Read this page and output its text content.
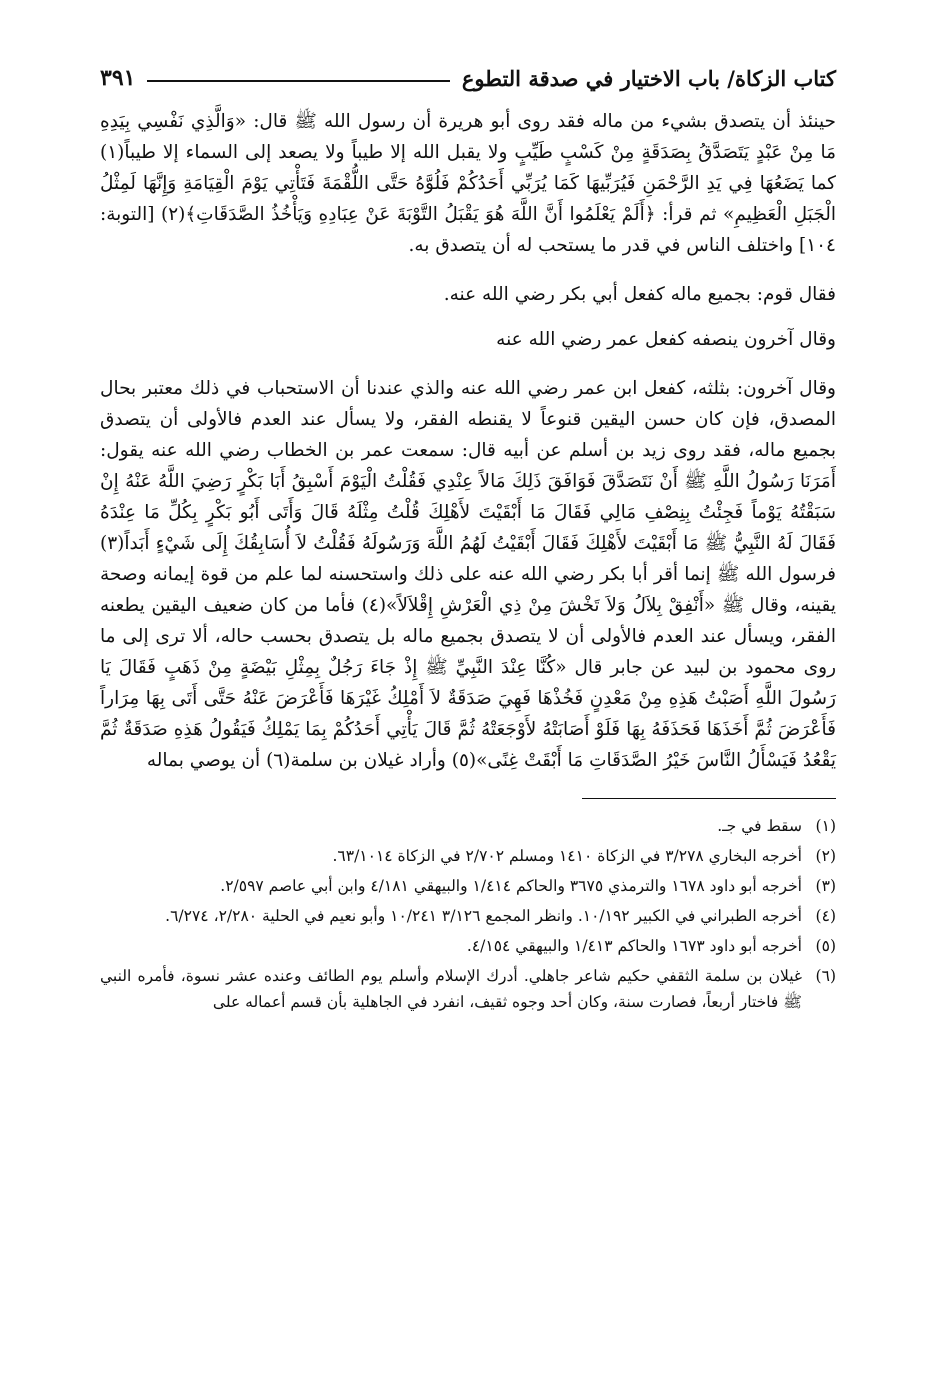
كتاب الزكاة/ باب الاختيار في صدقة التطوع
٣٩١

حينئذ أن يتصدق بشيء من ماله فقد روى أبو هريرة أن رسول الله ﷺ قال: «وَالَّذِي نَفْسِي بِيَدِهِ مَا مِنْ عَبْدٍ يَتَصَدَّقُ بِصَدَقَةٍ مِنْ كَسْبٍ طَيِّبٍ ولا يقبل الله إلا طيباً ولا يصعد إلى السماء إلا طيباً(١) كما يَضَعُهَا فِي يَدِ الرَّحْمَنِ فَيُرَبِّيهَا كَمَا يُرَبِّي أَحَدُكُمْ فَلُوَّهُ حَتَّى اللُّقْمَةَ فَتَأْتِي يَوْمَ الْقِيَامَةِ وَإِنَّهَا لَمِثْلُ الْجَبَلِ الْعَظِيمِ» ثم قرأ: ﴿أَلَمْ يَعْلَمُوا أَنَّ اللَّهَ هُوَ يَقْبَلُ التَّوْبَةَ عَنْ عِبَادِهِ وَيَأْخُذُ الصَّدَقَاتِ﴾(٢) [التوبة: ١٠٤] واختلف الناس في قدر ما يستحب له أن يتصدق به.

فقال قوم: بجميع ماله كفعل أبي بكر رضي الله عنه.

وقال آخرون ينصفه كفعل عمر رضي الله عنه

وقال آخرون: بثلثه، كفعل ابن عمر رضي الله عنه والذي عندنا أن الاستحباب في ذلك معتبر بحال المصدق، فإن كان حسن اليقين قنوعاً لا يقنطه الفقر، ولا يسأل عند العدم فالأولى أن يتصدق بجميع ماله، فقد روى زيد بن أسلم عن أبيه قال: سمعت عمر بن الخطاب رضي الله عنه يقول: أَمَرَنَا رَسُولُ اللَّهِ ﷺ أَنْ نَتَصَدَّقَ فَوَافَقَ ذَلِكَ مَالاً عِنْدِي فَقُلْتُ الْيَوْمَ أَسْبِقُ أَبَا بَكْرٍ رَضِيَ اللَّهُ عَنْهُ إِنْ سَبَقْتُهُ يَوْماً فَجِئْتُ بِنِصْفِ مَالِي فَقَالَ مَا أَبْقَيْتَ لأَهْلِكَ قُلْتُ مِثْلَهُ قَالَ وَأَتَى أَبُو بَكْرٍ بِكُلِّ مَا عِنْدَهُ فَقَالَ لَهُ النَّبِيُّ ﷺ مَا أَبْقَيْتَ لأَهْلِكَ فَقَالَ أَبْقَيْتُ لَهُمُ اللَّهَ وَرَسُولَهُ فَقُلْتُ لاَ أُسَابِقُكَ إِلَى شَيْءٍ أَبَداً(٣) فرسول الله ﷺ إنما أقر أبا بكر رضي الله عنه على ذلك واستحسنه لما علم من قوة إيمانه وصحة يقينه، وقال ﷺ «أَنْفِقْ بِلاَلُ وَلاَ تَخْشَ مِنْ ذِي الْعَرْشِ إِقْلاَلاً»(٤) فأما من كان ضعيف اليقين يطعنه الفقر، ويسأل عند العدم فالأولى أن لا يتصدق بجميع ماله بل يتصدق بحسب حاله، ألا ترى إلى ما روى محمود بن لبيد عن جابر قال «كُنَّا عِنْدَ النَّبِيِّ ﷺ إِذْ جَاءَ رَجُلٌ بِمِثْلِ بَيْضَةٍ مِنْ ذَهَبٍ فَقَالَ يَا رَسُولَ اللَّهِ أَصَبْتُ هَذِهِ مِنْ مَعْدِنٍ فَخُذْهَا فَهِيَ صَدَقَةٌ لاَ أَمْلِكُ غَيْرَهَا فَأَعْرَضَ عَنْهُ حَتَّى أَتَى بِهَا مِرَاراً فَأَعْرَضَ ثُمَّ أَخَذَهَا فَحَذَفَهُ بِهَا فَلَوْ أَصَابَتْهُ لأَوْجَعَتْهُ ثُمَّ قَالَ يَأْتِي أَحَدُكُمْ بِمَا يَمْلِكُ فَيَقُولُ هَذِهِ صَدَقَةٌ ثُمَّ يَقْعُدُ فَيَسْأَلُ النَّاسَ خَيْرُ الصَّدَقَاتِ مَا أَبْقَتْ غِنًى»(٥) وأراد غيلان بن سلمة(٦) أن يوصي بماله

(١)
سقط في جـ.
(٢)
أخرجه البخاري ٣/٢٧٨ في الزكاة ١٤١٠ ومسلم ٢/٧٠٢ في الزكاة ٦٣/١٠١٤.
(٣)
أخرجه أبو داود ١٦٧٨ والترمذي ٣٦٧٥ والحاكم ١/٤١٤ والبيهقي ٤/١٨١ وابن أبي عاصم ٢/٥٩٧.
(٤)
أخرجه الطبراني في الكبير ١٠/١٩٢. وانظر المجمع ٣/١٢٦ ١٠/٢٤١ وأبو نعيم في الحلية ٢/٢٨٠، ٦/٢٧٤.
(٥)
أخرجه أبو داود ١٦٧٣ والحاكم ١/٤١٣ والبيهقي ٤/١٥٤.
(٦)
غيلان بن سلمة الثقفي حكيم شاعر جاهلي. أدرك الإسلام وأسلم يوم الطائف وعنده عشر نسوة، فأمره النبي ﷺ فاختار أربعاً، فصارت سنة، وكان أحد وجوه ثقيف، انفرد في الجاهلية بأن قسم أعماله على
